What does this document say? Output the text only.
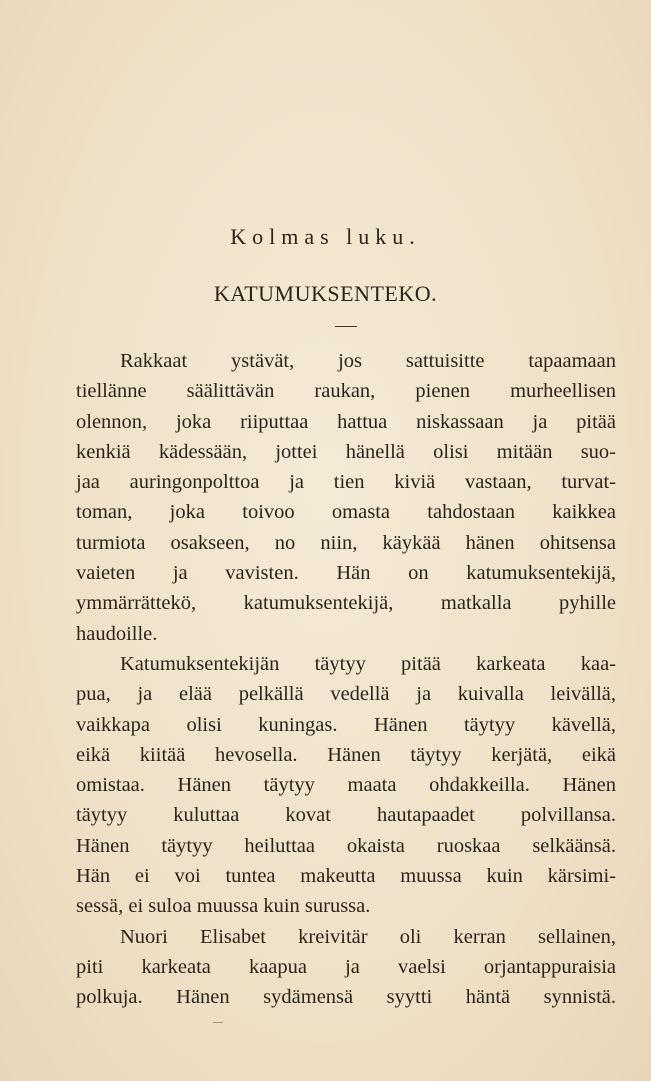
Kolmas luku.
KATUMUKSENTEKO.
Rakkaat ystävät, jos sattuisitte tapaamaan
tiellänne säälittävän raukan, pienen murheellisen
olennon, joka riiputtaa hattua niskassaan ja pitää
kenkiä kädessään, jottei hänellä olisi mitään suo-
jaa auringonpolttoa ja tien kiviä vastaan, turvat-
toman, joka toivoo omasta tahdostaan kaikkea
turmiota osakseen, no niin, käykää hänen ohitsensa
vaieten ja vavisten. Hän on katumuksentekijä,
ymmärrättekö, katumuksentekijä, matkalla pyhille
haudoille.
Katumuksentekijän täytyy pitää karkeata kaa-
pua, ja elää pelkällä vedellä ja kuivalla leivällä,
vaikkapa olisi kuningas. Hänen täytyy kävellä,
eikä kiitää hevosella. Hänen täytyy kerjätä, eikä
omistaa. Hänen täytyy maata ohdakkeilla. Hänen
täytyy kuluttaa kovat hautapaadet polvillansa.
Hänen täytyy heiluttaa okaista ruoskaa selkäänsä.
Hän ei voi tuntea makeutta muussa kuin kärsimi-
sessä, ei suloa muussa kuin surussa.
Nuori Elisabet kreivitär oli kerran sellainen,
piti karkeata kaapua ja vaelsi orjantappuraisia
polkuja. Hänen sydämensä syytti häntä synnistä.
